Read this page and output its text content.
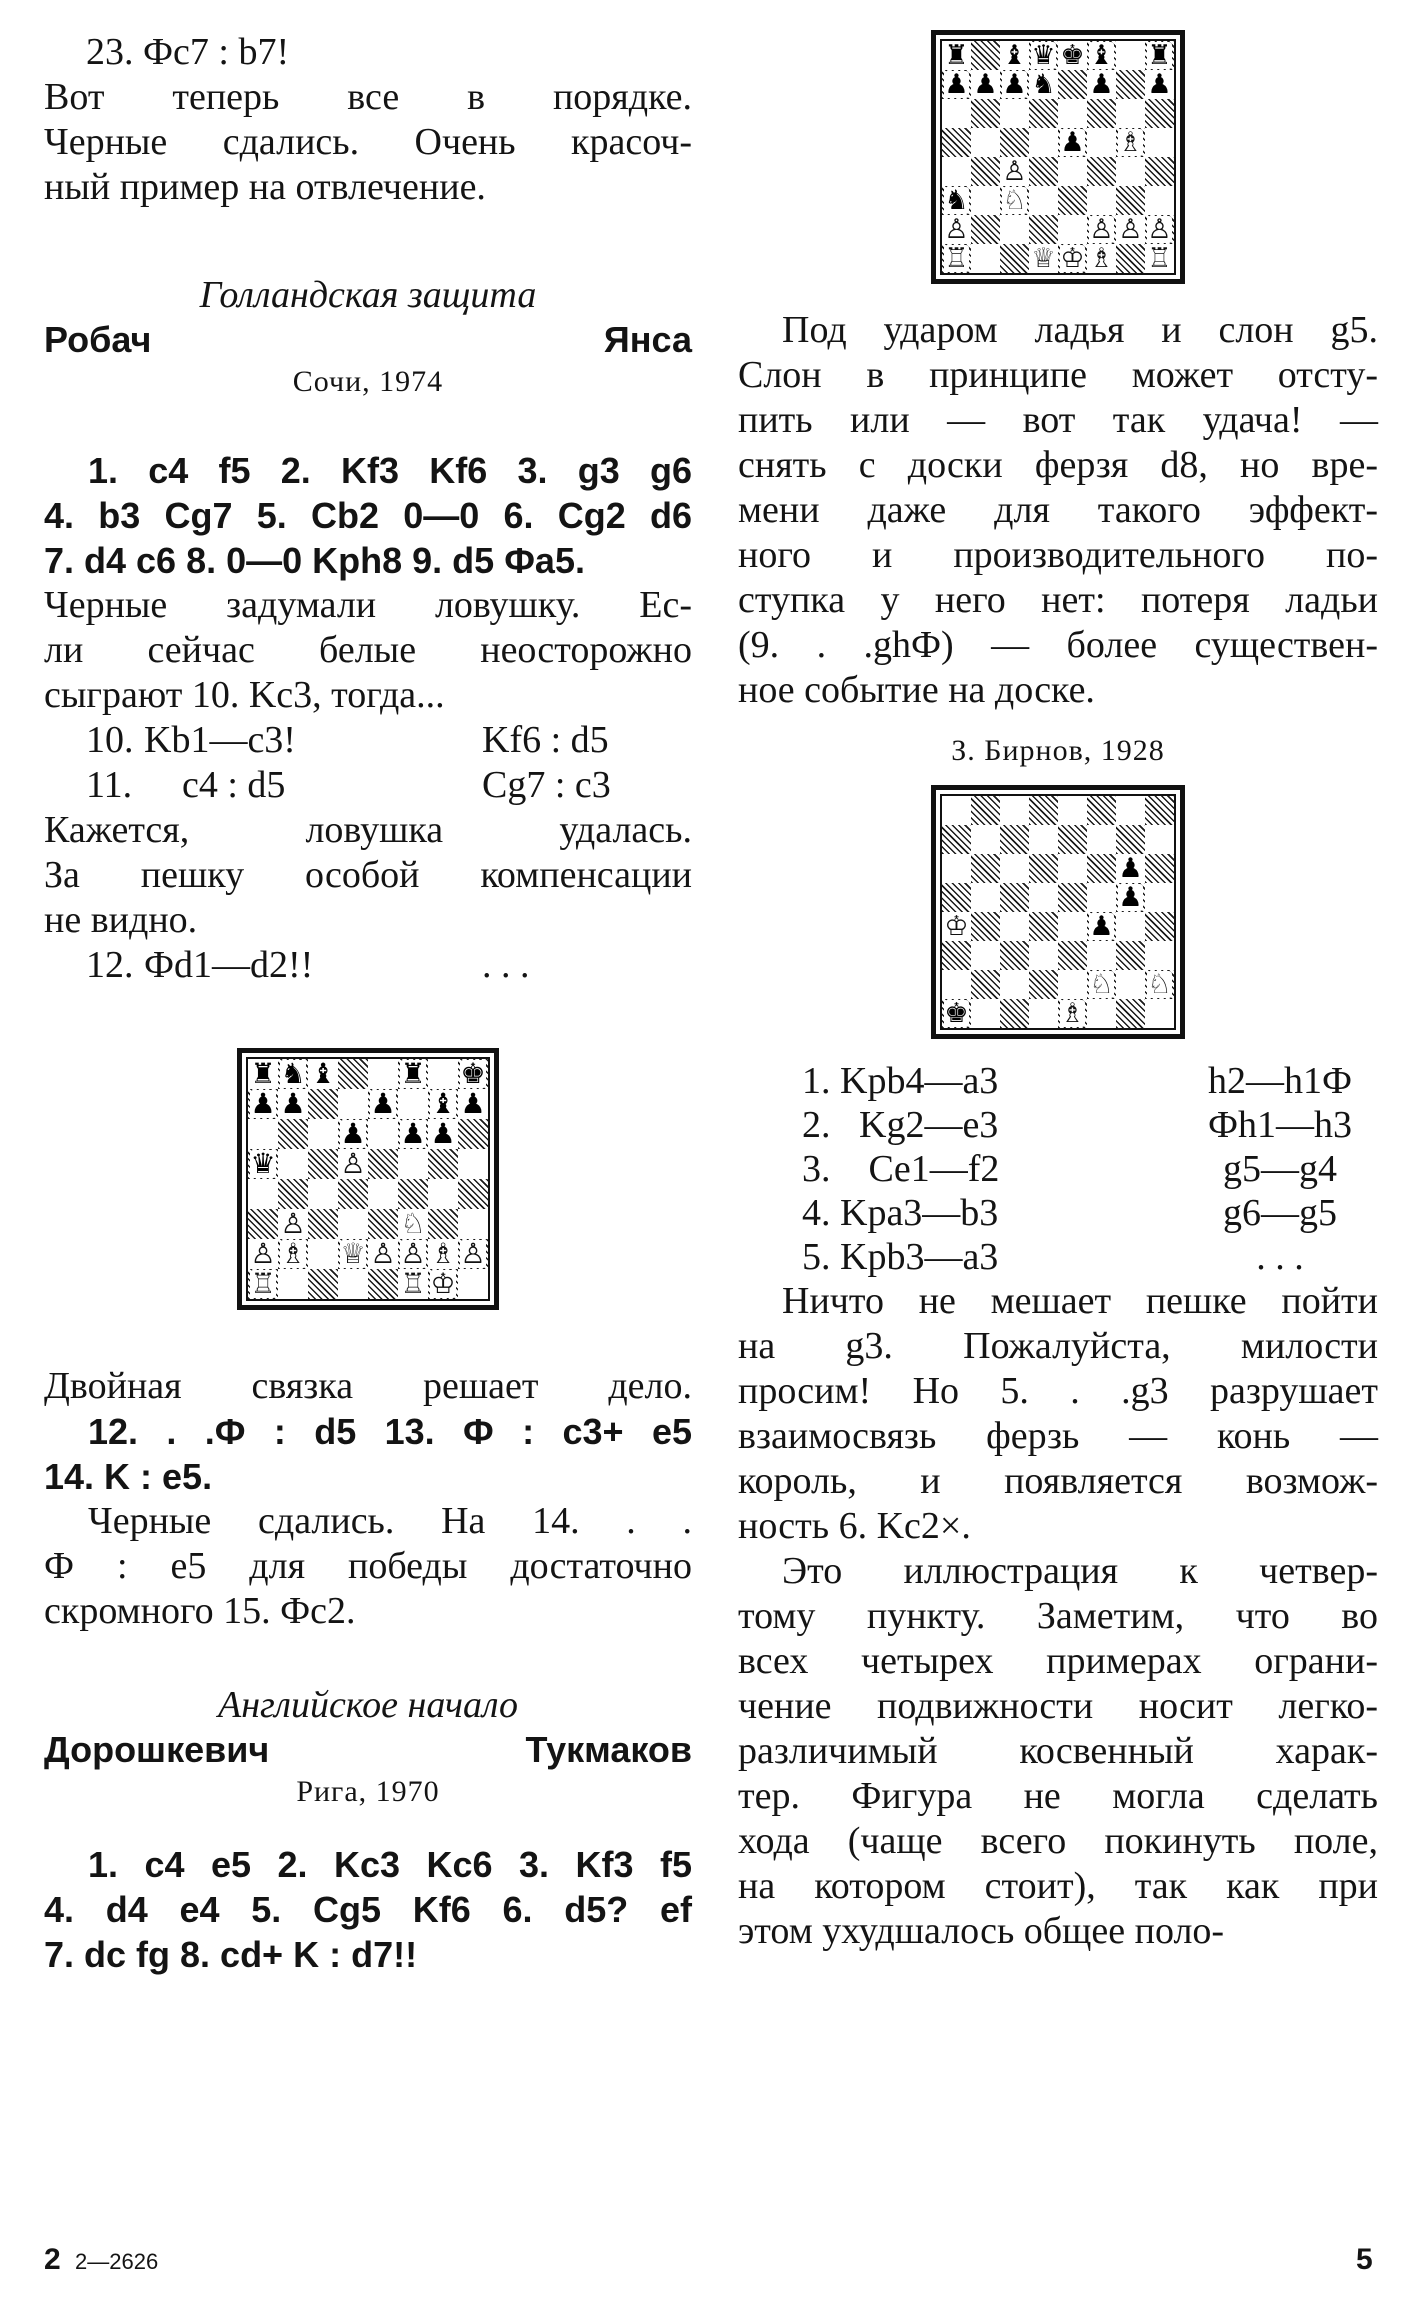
23. Фc7 : b7!

Вот теперь все в порядке.

Черные сдались. Очень красоч-

ный пример на отвлечение.

Голландская защита

Робач	Янса

Сочи, 1974

1. c4 f5 2. Kf3 Kf6 3. g3 g6

4. b3 Cg7 5. Cb2 0—0 6. Cg2 d6

7. d4 c6 8. 0—0 Kph8 9. d5 Фa5.

Черные задумали ловушку. Ес-

ли сейчас белые неосторожно

сыграют 10. Kc3, тогда...

10. Kb1—c3!	Kf6 : d5
11. c4 : d5	Cg7 : c3

Кажется, ловушка удалась.

За пешку особой компенсации

не видно.

12. Фd1—d2!!	. . .
♜ ♞ ♝ ♜ ♚
♟ ♟ ♟ ♝ ♟
♟ ♟ ♟
♛ ♙
♙	♘
♙ ♗ ♕ ♙ ♙ ♗ ♙
♖	♖ ♔

Двойная связка решает дело.

12. . .Ф : d5 13. Ф : c3+ e5

14. K : e5.

Черные сдались. На 14. . .

Ф : e5 для победы достаточно

скромного 15. Фc2.

Английское начало

Дорошкевич	Тукмаков

Рига, 1970

1. c4 e5 2. Kc3 Kc6 3. Kf3 f5

4. d4 e4 5. Cg5 Kf6 6. d5? ef

7. dc fg 8. cd+ K : d7!!

♜ ♝ ♛ ♚ ♝ ♜
♟ ♟ ♟ ♞ ♟ ♟
♟ ♗
♙
♞ ♘
♙	♙ ♙ ♙
♖ ♕ ♔ ♗ ♖

Под ударом ладья и слон g5.

Слон в принципе может отсту-

пить или — вот так удача! —

снять с доски ферзя d8, но вре-

мени даже для такого эффект-

ного и производительного по-

ступка у него нет: потеря ладьи

(9. . .ghФ) — более существен-

ное событие на доске.

З. Бирнов, 1928

♟
♟
♔	♟
♘ ♘
♚	♗
1. Kpb4—a3	h2—h1Ф
2.   Kg2—e3	Фh1—h3
3.    Ce1—f2	g5—g4
4. Kpa3—b3	g6—g5
5. Kpb3—a3	. . .

Ничто не мешает пешке пойти

на g3. Пожалуйста, милости

просим! Но 5. . .g3 разрушает

взаимосвязь ферзь — конь —

король, и появляется возмож-

ность 6. Kc2×.

Это иллюстрация к четвер-

тому пункту. Заметим, что во

всех четырех примерах ограни-

чение подвижности носит легко-

различимый косвенный харак-

тер. Фигура не могла сделать

хода (чаще всего покинуть поле,

на котором стоит), так как при

этом ухудшалось общее поло-

2 2—2626	5
